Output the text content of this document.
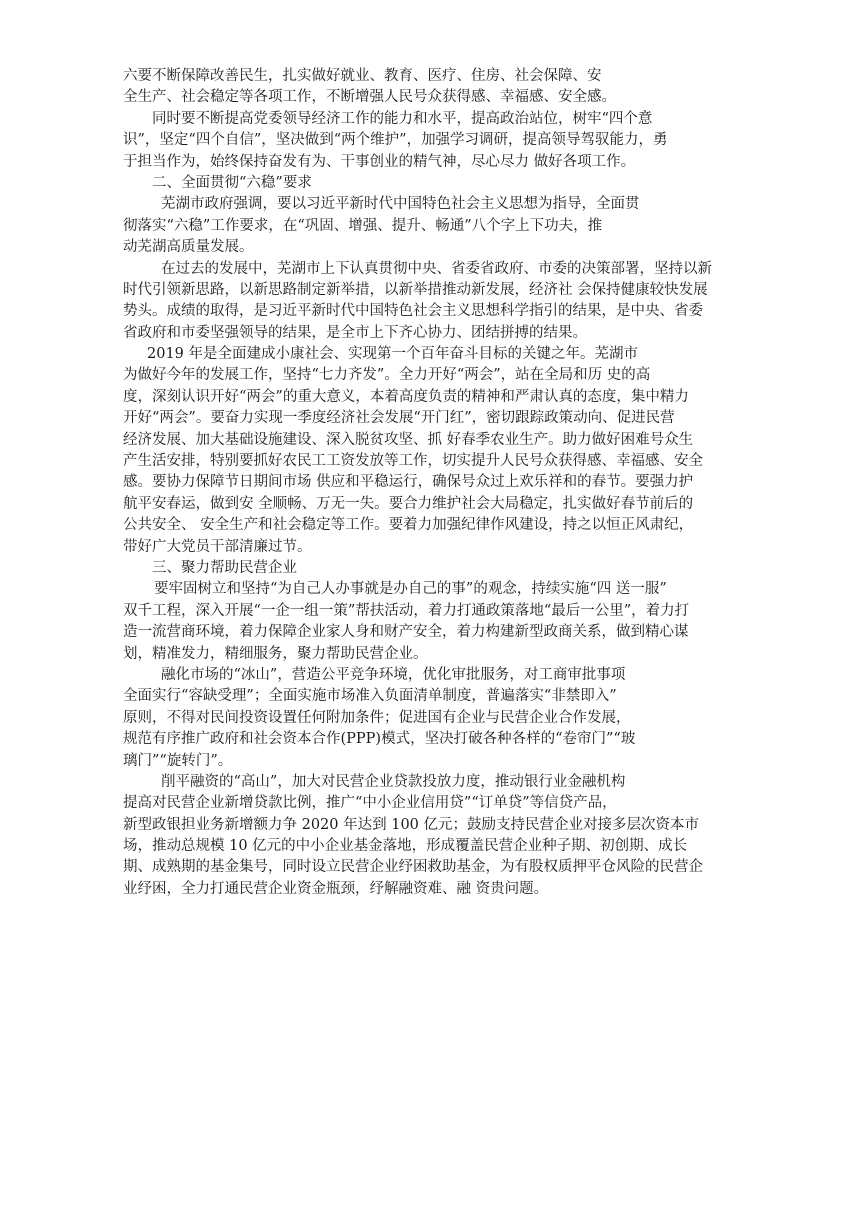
六要不断保障改善民生，扎实做好就业、教育、医疗、住房、社会保障、安
全生产、社会稳定等各项工作，不断增强人民号众获得感、幸福感、安全感。
同时要不断提高党委领导经济工作的能力和水平，提高政治站位，树牢“四个意
识”，坚定“四个自信”，坚决做到“两个维护”，加强学习调研，提高领导驾驭能力，勇
于担当作为，始终保持奋发有为、干事创业的精气神，尽心尽力 做好各项工作。
二、全面贯彻“六稳”要求
芜湖市政府强调，要以习近平新时代中国特色社会主义思想为指导，全面贯
彻落实“六稳”工作要求，在“巩固、增强、提升、畅通”八个字上下功夫，推
动芜湖高质量发展。
在过去的发展中，芜湖市上下认真贯彻中央、省委省政府、市委的决策部署，坚持以新
时代引领新思路，以新思路制定新举措，以新举措推动新发展，经济社 会保持健康较快发展
势头。成绩的取得，是习近平新时代中国特色社会主义思想科学指引的结果，是中央、省委
省政府和市委坚强领导的结果，是全市上下齐心协力、团结拼搏的结果。
2019 年是全面建成小康社会、实现第一个百年奋斗目标的关键之年。芜湖市
为做好今年的发展工作，坚持“七力齐发”。全力开好“两会”，站在全局和历 史的高
度，深刻认识开好“两会”的重大意义，本着高度负责的精神和严肃认真的态度，集中精力
开好“两会”。要奋力实现一季度经济社会发展“开门红”，密切跟踪政策动向、促进民营
经济发展、加大基础设施建设、深入脱贫攻坚、抓 好春季农业生产。助力做好困难号众生
产生活安排，特别要抓好农民工工资发放等工作，切实提升人民号众获得感、幸福感、安全
感。要协力保障节日期间市场 供应和平稳运行，确保号众过上欢乐祥和的春节。要强力护
航平安春运，做到安 全顺畅、万无一失。要合力维护社会大局稳定，扎实做好春节前后的
公共安全、 安全生产和社会稳定等工作。要着力加强纪律作风建设，持之以恒正风肃纪，
带好广大党员干部清廉过节。
三、聚力帮助民营企业
要牢固树立和坚持“为自己人办事就是办自己的事”的观念，持续实施“四 送一服”
双千工程，深入开展“一企一组一策”帮扶活动，着力打通政策落地“最后一公里”，着力打
造一流营商环境，着力保障企业家人身和财产安全，着力构建新型政商关系，做到精心谋
划，精准发力，精细服务，聚力帮助民营企业。
融化市场的“冰山”，营造公平竞争环境，优化审批服务，对工商审批事项
全面实行“容缺受理”；全面实施市场准入负面清单制度，普遍落实“非禁即入”
原则，不得对民间投资设置任何附加条件；促进国有企业与民营企业合作发展，
规范有序推广政府和社会资本合作(PPP)模式，坚决打破各种各样的“卷帘门”“玻
璃门”“旋转门”。
削平融资的“高山”，加大对民营企业贷款投放力度，推动银行业金融机构
提高对民营企业新增贷款比例，推广“中小企业信用贷”“订单贷”等信贷产品，
新型政银担业务新增额力争 2020 年达到 100 亿元；鼓励支持民营企业对接多层次资本市
场，推动总规模 10 亿元的中小企业基金落地，形成覆盖民营企业种子期、初创期、成长
期、成熟期的基金集号，同时设立民营企业纾困救助基金，为有股权质押平仓风险的民营企
业纾困，全力打通民营企业资金瓶颈，纾解融资难、融 资贵问题。
